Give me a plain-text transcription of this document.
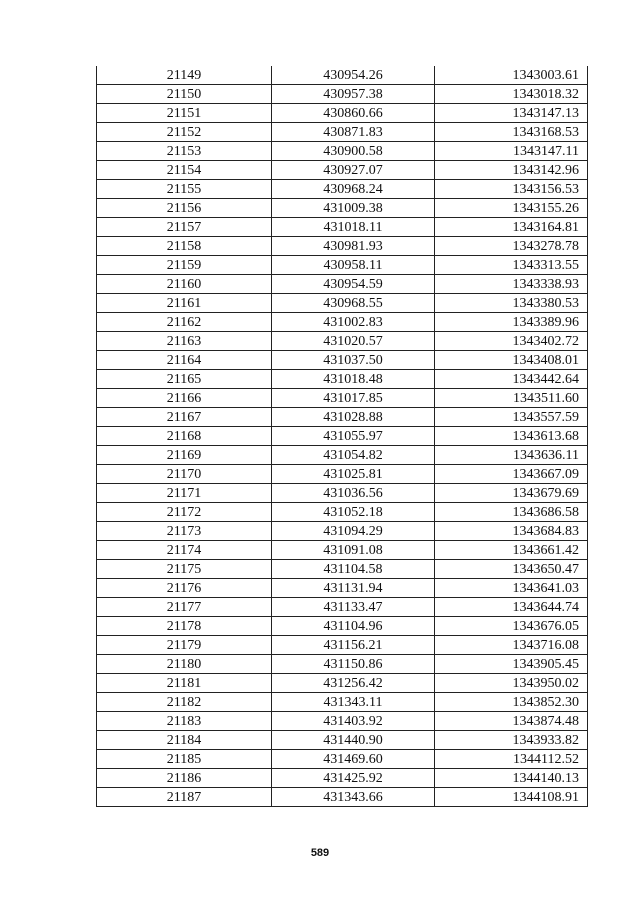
21149	430954.26	1343003.61
21150	430957.38	1343018.32
21151	430860.66	1343147.13
21152	430871.83	1343168.53
21153	430900.58	1343147.11
21154	430927.07	1343142.96
21155	430968.24	1343156.53
21156	431009.38	1343155.26
21157	431018.11	1343164.81
21158	430981.93	1343278.78
21159	430958.11	1343313.55
21160	430954.59	1343338.93
21161	430968.55	1343380.53
21162	431002.83	1343389.96
21163	431020.57	1343402.72
21164	431037.50	1343408.01
21165	431018.48	1343442.64
21166	431017.85	1343511.60
21167	431028.88	1343557.59
21168	431055.97	1343613.68
21169	431054.82	1343636.11
21170	431025.81	1343667.09
21171	431036.56	1343679.69
21172	431052.18	1343686.58
21173	431094.29	1343684.83
21174	431091.08	1343661.42
21175	431104.58	1343650.47
21176	431131.94	1343641.03
21177	431133.47	1343644.74
21178	431104.96	1343676.05
21179	431156.21	1343716.08
21180	431150.86	1343905.45
21181	431256.42	1343950.02
21182	431343.11	1343852.30
21183	431403.92	1343874.48
21184	431440.90	1343933.82
21185	431469.60	1344112.52
21186	431425.92	1344140.13
21187	431343.66	1344108.91
589
